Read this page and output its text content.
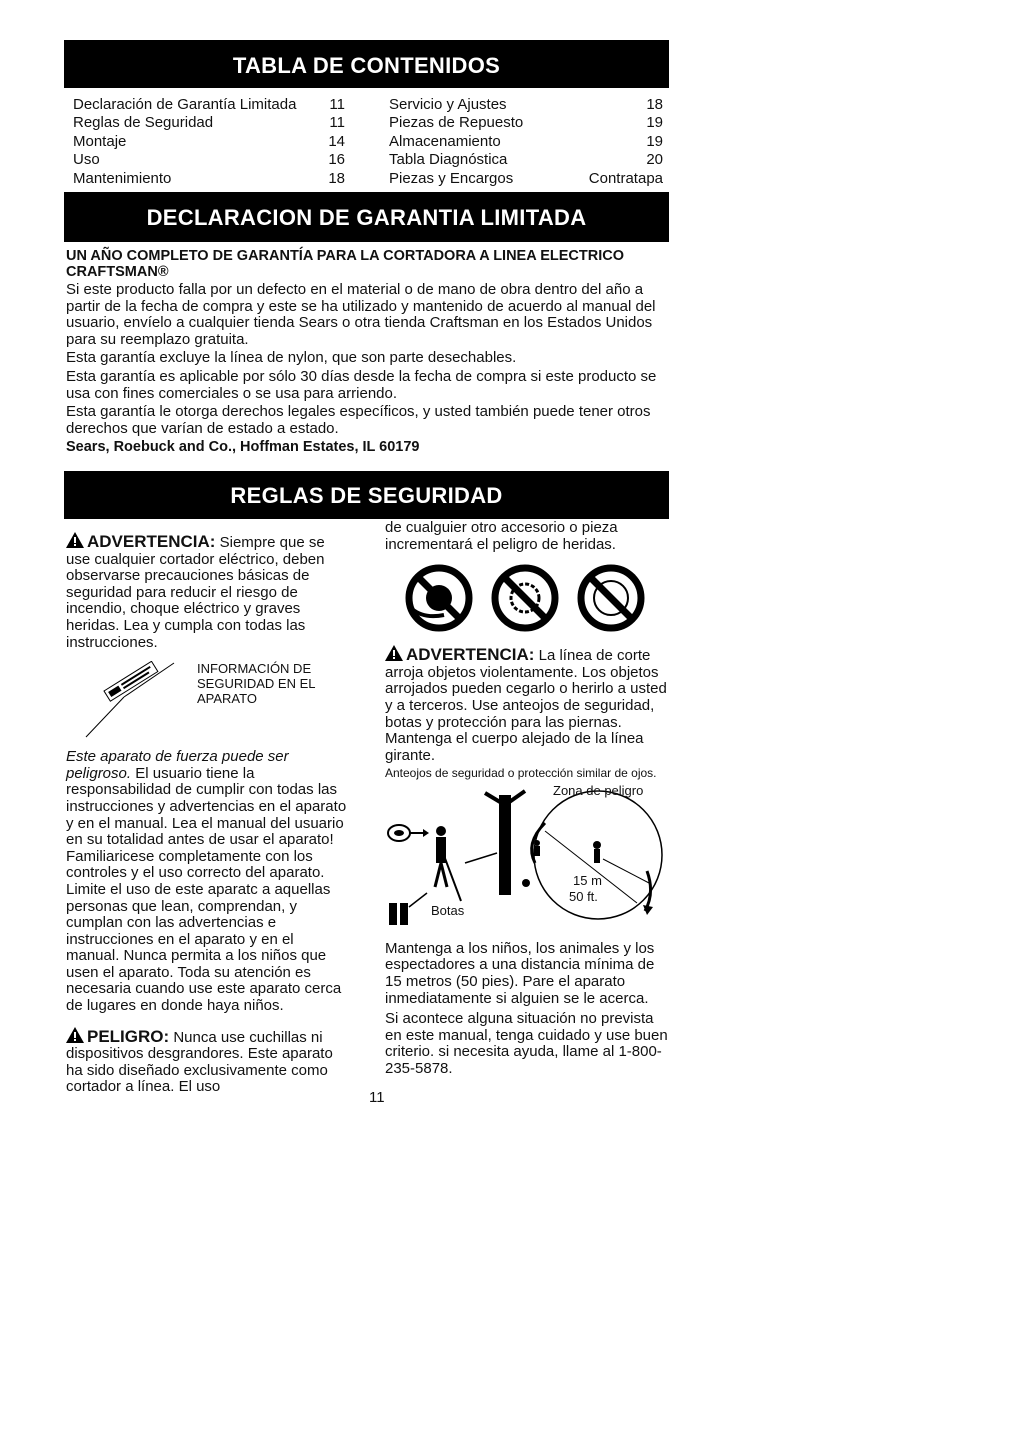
TABLA DE CONTENIDOS
Declaración de Garantía Limitada 11
Reglas de Seguridad	11
Montaje	14
Uso	16
Mantenimiento	18
Servicio y Ajustes	18
Piezas de Repuesto	19
Almacenamiento	19
Tabla Diagnóstica	20
Piezas y Encargos	Contratapa
DECLARACION DE GARANTIA LIMITADA

UN AÑO COMPLETO DE GARANTÍA PARA LA CORTADORA A LINEA ELECTRICO CRAFTSMAN®

Si este producto falla por un defecto en el material o de mano de obra dentro del año a partir de la fecha de compra y este se ha utilizado y mantenido de acuerdo al manual del usuario, envíelo a cualquier tienda Sears o otra tienda Craftsman en los Estados Unidos para su reemplazo gratuita.

Esta garantía excluye la línea de nylon, que son parte desechables.

Esta garantía es aplicable por sólo 30 días desde la fecha de compra si este producto se usa con fines comerciales o se usa para arriendo.

Esta garantía le otorga derechos legales específicos, y usted también puede tener otros derechos que varían de estado a estado.

Sears, Roebuck and Co., Hoffman Estates, IL 60179

REGLAS DE SEGURIDAD

ADVERTENCIA: Siempre que se use cualquier cortador eléctrico, deben observarse precauciones básicas de seguridad para reducir el riesgo de incendio, choque eléctrico y graves heridas. Lea y cumpla con todas las instrucciones.

INFORMACIÓN DE SEGURIDAD EN EL APARATO

Este aparato de fuerza puede ser peligroso. El usuario tiene la responsabilidad de cumplir con todas las instrucciones y advertencias en el aparato y en el manual. Lea el manual del usuario en su totalidad antes de usar el aparato! Familiaricese completamente con los controles y el uso correcto del aparato. Limite el uso de este aparatc a aquellas personas que lean, comprendan, y cumplan con las advertencias e instrucciones en el aparato y en el manual. Nunca permita a los niños que usen el aparato. Toda su atención es necesaria cuando use este aparato cerca de lugares en donde haya niños.

PELIGRO: Nunca use cuchillas ni dispositivos desgrandores. Este aparato ha sido diseñado exclusivamente como cortador a línea. El uso

de cualguier otro accesorio o pieza incrementará el peligro de heridas.

ADVERTENCIA: La línea de corte arroja objetos violentamente. Los objetos arrojados pueden cegarlo o herirlo a usted y a terceros. Use anteojos de seguridad, botas y protección para las piernas. Mantenga el cuerpo alejado de la línea girante.

Anteojos de seguridad o protección similar de ojos.

Zona de peligro
15 m
50 ft.
Botas

Mantenga a los niños, los animales y los espectadores a una distancia mínima de 15 metros (50 pies). Pare el aparato inmediatamente si alguien se le acerca.

Si acontece alguna situación no prevista en este manual, tenga cuidado y use buen criterio. si necesita ayuda, llame al 1-800-235-5878.

11
